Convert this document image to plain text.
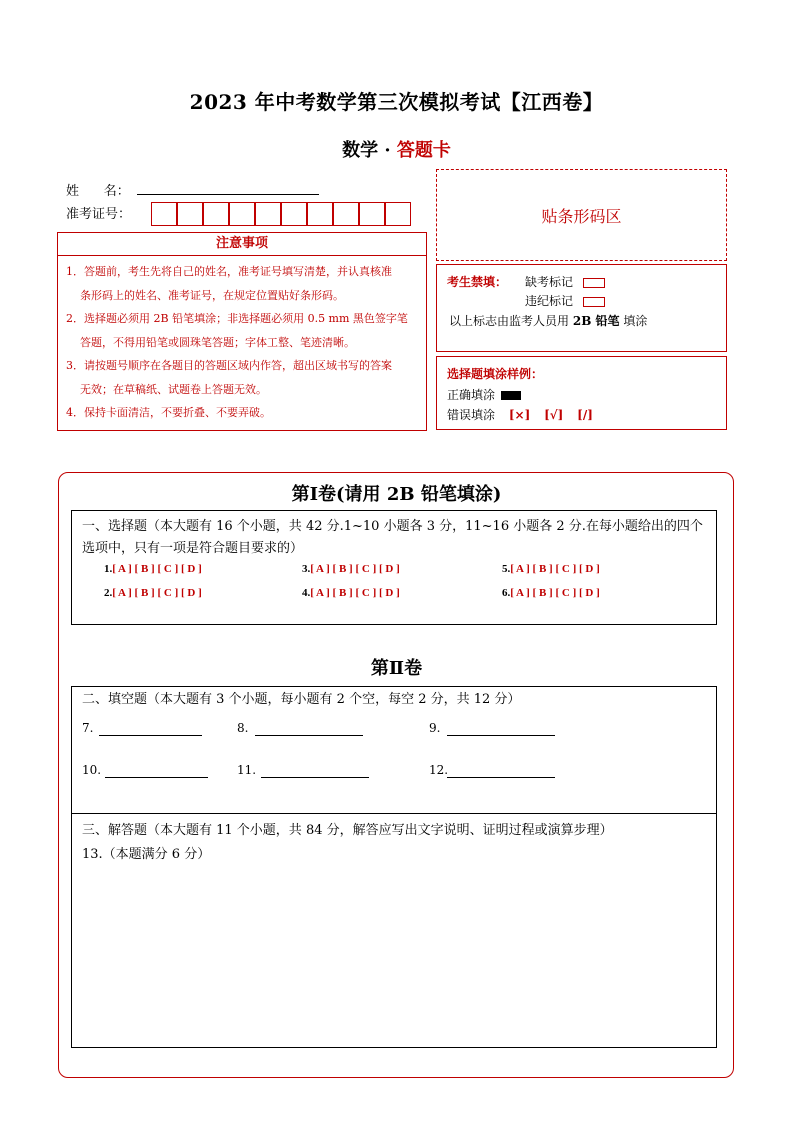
2023 年中考数学第三次模拟考试【江西卷】
数学 · 答题卡
姓      名：
准考证号：	贴条形码区
注意事项

1．答题前，考生先将自己的姓名，准考证号填写清楚，并认真核准

条形码上的姓名、准考证号，在规定位置贴好条形码。

2．选择题必须用 2B 铅笔填涂；非选择题必须用 0.5 mm 黑色签字笔

答题，不得用铅笔或圆珠笔答题；字体工整、笔迹清晰。

3．请按题号顺序在各题目的答题区域内作答，超出区域书写的答案

无效；在草稿纸、试题卷上答题无效。

4．保持卡面清洁，不要折叠、不要弄破。

考生禁填： 缺考标记
违纪标记
以上标志由监考人员用 2B 铅笔 填涂
选择题填涂样例：
正确填涂
错误填涂 [×] [√] [/]
第Ⅰ卷(请用 2B 铅笔填涂)
一、选择题（本大题有 16 个小题，共 42 分.1~10 小题各 3 分，11~16 小题各 2 分.在每小题给出的四个
选项中，只有一项是符合题目要求的）
1.[ A ] [ B ] [ C ] [ D ]
2.[ A ] [ B ] [ C ] [ D ]
3.[ A ] [ B ] [ C ] [ D ]
4.[ A ] [ B ] [ C ] [ D ]
5.[ A ] [ B ] [ C ] [ D ]
6.[ A ] [ B ] [ C ] [ D ]
第Ⅱ卷
二、填空题（本大题有 3 个小题，每小题有 2 个空，每空 2 分，共 12 分）
7.	8.	9.
10.	11.	12.
三、解答题（本大题有 11 个小题，共 84 分，解答应写出文字说明、证明过程或演算步理）
13.（本题满分 6 分）
